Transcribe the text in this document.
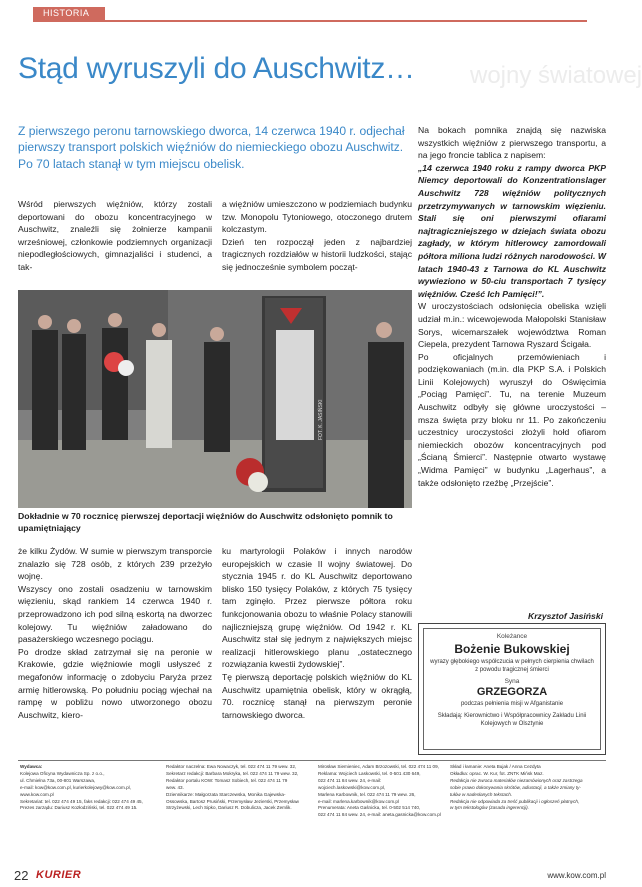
HISTORIA
wojny światowej
Stąd wyruszyli do Auschwitz…
Z pierwszego peronu tarnowskiego dworca, 14 czerwca 1940 r. odjechał pierwszy transport polskich więźniów do niemieckiego obozu Auschwitz. Po 70 latach stanął w tym miejscu obelisk.

Wśród pierwszych więźniów, którzy zostali deportowani do obozu koncentracyjnego w Auschwitz, znaleźli się żołnierze kampanii wrześniowej, członkowie podziemnych organizacji niepodległościowych, gimnazjaliści i studenci, a tak-

a więźniów umieszczono w podziemiach budynku tzw. Monopolu Tytoniowego, otoczonego drutem kolczastym.

Dzień ten rozpoczął jeden z najbardziej tragicznych rozdziałów w historii ludzkości, stając się jednocześnie symbolem począt-

FOT. K. JASIŃSKI
Dokładnie w 70 rocznicę pierwszej deportacji więźniów do Auschwitz odsłonięto pomnik to upamiętniający

Na bokach pomnika znajdą się nazwiska wszystkich więźniów z pierwszego transportu, a na jego froncie tablica z napisem:

„14 czerwca 1940 roku z rampy dworca PKP Niemcy deportowali do Konzentrationslager Auschwitz 728 więźniów politycznych przetrzymywanych w tarnowskim więzieniu. Stali się oni pierwszymi ofiarami najtragiczniejszego w dziejach świata obozu zagłady, w którym hitlerowcy zamordowali półtora miliona ludzi różnych narodowości. W latach 1940-43 z Tarnowa do KL Auschwitz wywieziono w 50-ciu transportach 7 tysięcy więźniów. Cześć Ich Pamięci!”.

W uroczystościach odsłonięcia obeliska wzięli udział m.in.: wicewojewoda Małopolski Stanisław Sorys, wicemarszałek województwa Roman Ciepela, prezydent Tarnowa Ryszard Ścigała.

Po oficjalnych przemówieniach i podziękowaniach (m.in. dla PKP S.A. i Polskich Linii Kolejowych) wyruszył do Oświęcimia „Pociąg Pamięci”. Tu, na terenie Muzeum Auschwitz odbyły się główne uroczystości – msza święta przy bloku nr 11. Po zakończeniu uczestnicy uroczystości złożyli hołd ofiarom niemieckich obozów koncentracyjnych pod „Ścianą Śmierci”. Następnie otwarto wystawę „Widma Pamięci” w budynku „Lagerhaus”, a także odsłonięto rzeźbę „Przejście”.

Krzysztof Jasiński

że kilku Żydów. W sumie w pierwszym transporcie znalazło się 728 osób, z których 239 przeżyło wojnę.

Wszyscy ono zostali osadzeniu w tarnowskim więzieniu, skąd rankiem 14 czerwca 1940 r. przeprowadzono ich pod silną eskortą na dworzec kolejowy. Tu więźniów załadowano do pasażerskiego wczesnego pociągu.

Po drodze skład zatrzymał się na peronie w Krakowie, gdzie więźniowie mogli usłyszeć z megafonów informację o zdobyciu Paryża przez armię hitlerowską. Po południu pociąg wjechał na rampę w pobliżu nowo utworzonego obozu Auschwitz, kiero-

ku martyrologii Polaków i innych narodów europejskich w czasie II wojny światowej. Do stycznia 1945 r. do KL Auschwitz deportowano blisko 150 tysięcy Polaków, z których 75 tysięcy tam zginęło. Przez pierwsze półtora roku funkcjonowania obozu to właśnie Polacy stanowili najliczniejszą grupę więźniów. Od 1942 r. KL Auschwitz stał się jednym z największych miejsc realizacji hitlerowskiego planu „ostatecznego rozwiązania kwestii żydowskiej”.

Tę pierwszą deportację polskich więźniów do KL Auschwitz upamiętnia obelisk, który w okrągłą, 70. rocznicę stanął na pierwszym peronie tarnowskiego dworca.

Koleżance
Bożenie Bukowskiej
wyrazy głębokiego współczucia w pełnych cierpienia chwilach z powodu tragicznej śmierci
Syna
GRZEGORZA
podczas pełnienia misji w Afganistanie
Składają: Kierownictwo i Współpracownicy Zakładu Linii Kolejowych w Olsztynie
Wydawca:
Kolejowa Oficyna Wydawnicza Sp. z o.o.,
ul. Chmielna 73a, 00-801 Warszawa,
e-mail: kow@kow.com.pl, kurierkolejowy@kow.com.pl,
www.kow.com.pl
Sekretariat: tel. 022 474 49 15, faks redakcji: 022 474 49 45,
Prezes zarządu: Dariusz Kozłodziński, tel. 022 474 49 15.
Redaktor naczelna: Ewa Nowaczyk, tel. 022 474 11 79 wew. 32,
Sekretarz redakcji: Barbara Mokryka, tel. 022 474 11 79 wew. 32,
Redaktor portalu KOW: Tomasz Sobiech, tel. 022 474 11 79
wew. 43.
Dziennikarze: Małgorzata Starczewska, Monika Gajewska-
Ossowska, Bartosz Prusiński, Przemysław Jezierski, Przemysław
Strzyżewski, Lech Sipko, Dariusz R. Dobulicza, Jacek Zemlik.
Mirosław Siemieniec, Adam Brzozowski, tel. 022 474 11 09,
Reklama: Wojciech Laskowski, tel. 0-501 430 649,
022 474 11 84 wew. 24, e-mail: wojciech.laskowski@kow.com.pl,
Marlena Karbownik, tel. 022 474 11 79 wew. 26,
e-mail: marlena.karbownik@kow.com.pl
Prenumerata: Aneta Gaśnicka, tel. 0-502 514 740,
022 474 11 84 wew. 24, e-mail: aneta.gasnicka@kow.com.pl
Skład i łamanie: Aneta Bujak / Anna Cezdyta
Okładka: oprac. W. Kur, fot. ZNTK Mińsk Maz.
Redakcja nie zwraca materiałów niezamówionych oraz zastrzega
sobie prawo dokonywania skrótów, adiustacji, a także zmiany ty-
tułów w nadesłanych tekstach.
Redakcja nie odpowiada za treść publikacji i ogłoszeń płatnych,
w tym tekstologów (zasada ingerencji).
22 KURIER	www.kow.com.pl
